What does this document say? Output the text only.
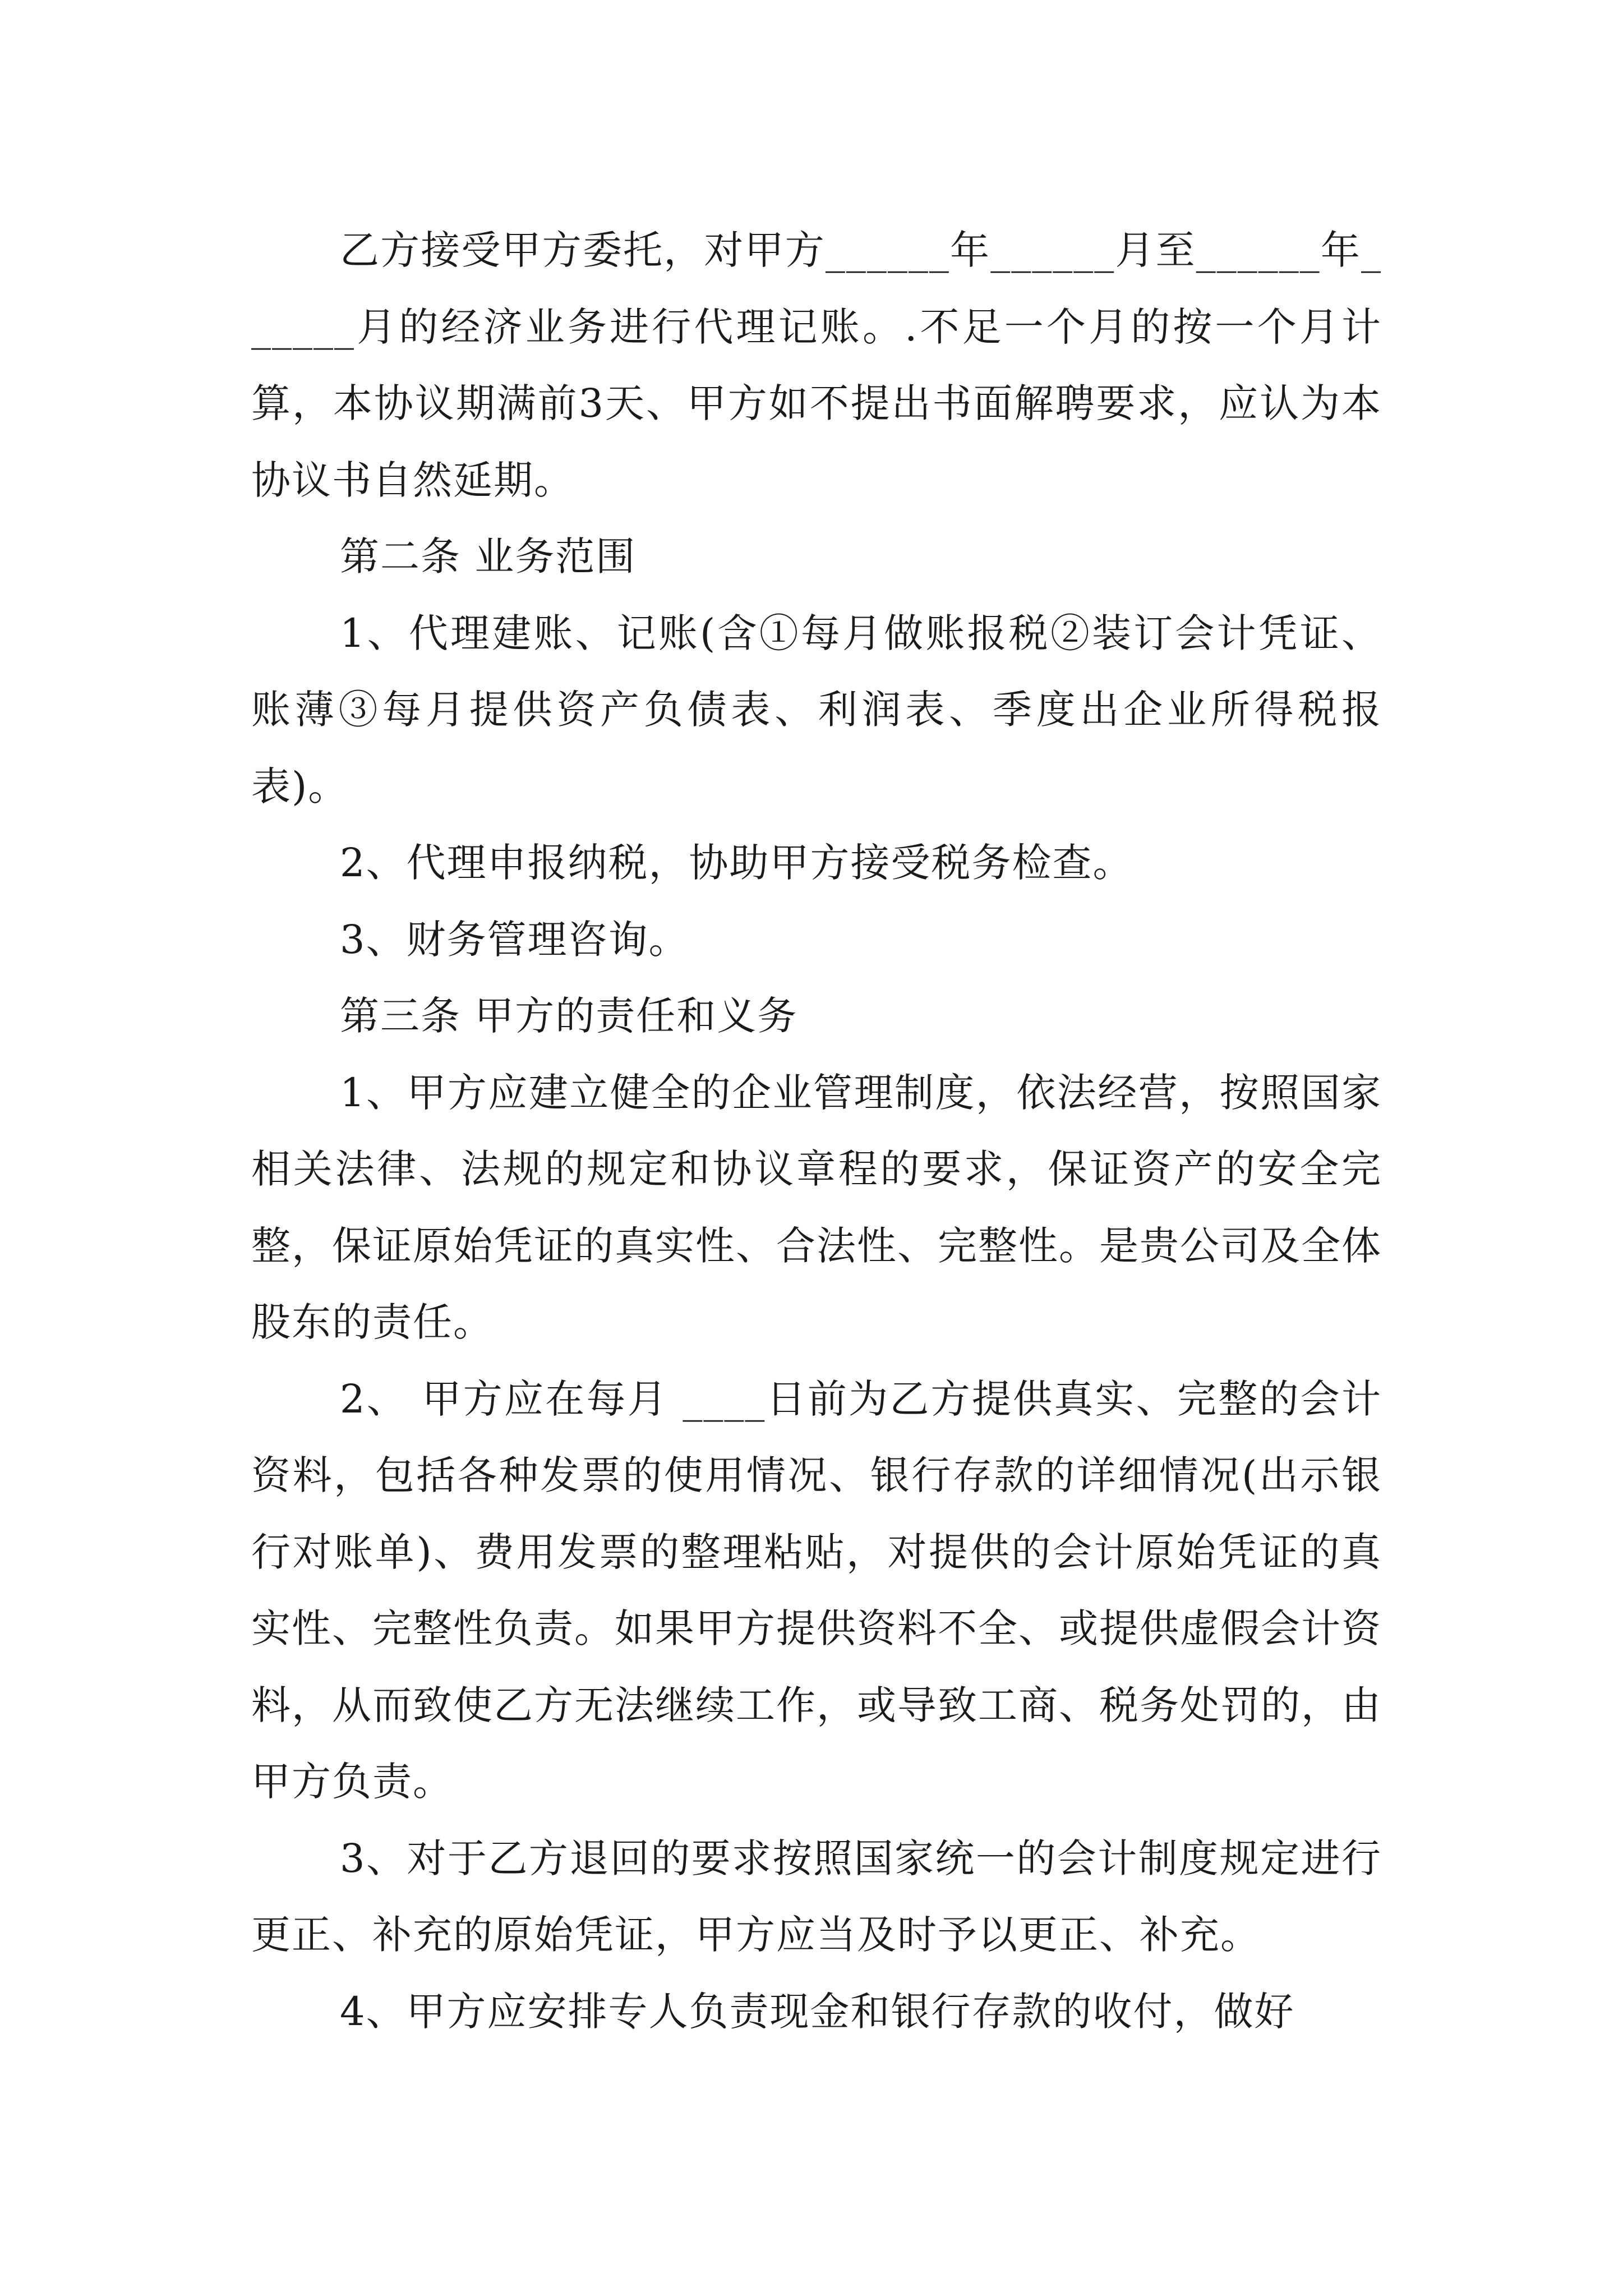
乙方接受甲方委托，对甲方______年______月至______年______月的经济业务进行代理记账。.不足一个月的按一个月计算，本协议期满前3天、甲方如不提出书面解聘要求，应认为本协议书自然延期。

第二条 业务范围

1、代理建账、记账(含①每月做账报税②装订会计凭证、账薄③每月提供资产负债表、利润表、季度出企业所得税报表)。

2、代理申报纳税，协助甲方接受税务检查。

3、财务管理咨询。

第三条 甲方的责任和义务

1、甲方应建立健全的企业管理制度，依法经营，按照国家相关法律、法规的规定和协议章程的要求，保证资产的安全完整，保证原始凭证的真实性、合法性、完整性。是贵公司及全体股东的责任。

2、 甲方应在每月 ____日前为乙方提供真实、完整的会计资料，包括各种发票的使用情况、银行存款的详细情况(出示银行对账单)、费用发票的整理粘贴，对提供的会计原始凭证的真实性、完整性负责。如果甲方提供资料不全、或提供虚假会计资料，从而致使乙方无法继续工作，或导致工商、税务处罚的，由甲方负责。

3、对于乙方退回的要求按照国家统一的会计制度规定进行更正、补充的原始凭证，甲方应当及时予以更正、补充。

4、甲方应安排专人负责现金和银行存款的收付，做好
